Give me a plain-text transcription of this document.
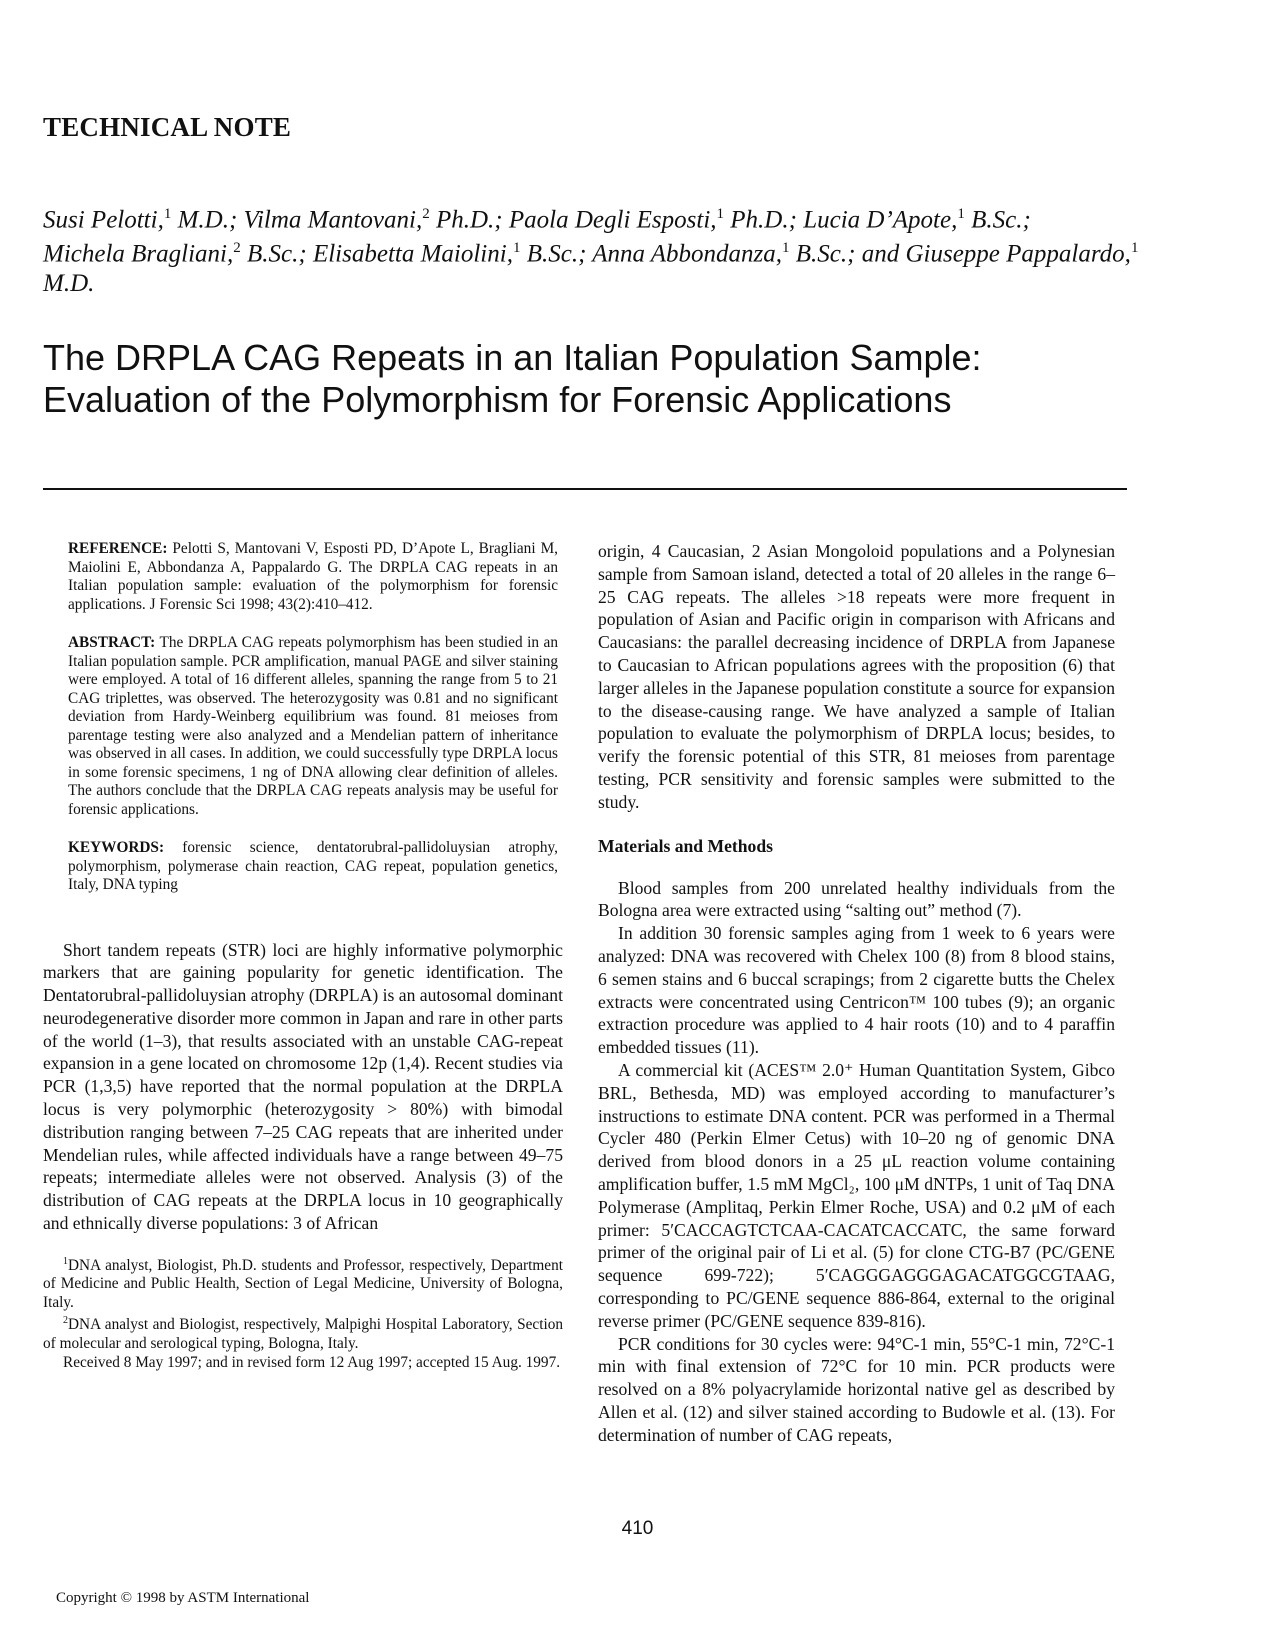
TECHNICAL NOTE
Susi Pelotti,$^1$ M.D.; Vilma Mantovani,$^2$ Ph.D.; Paola Degli Esposti,$^1$ Ph.D.; Lucia D’Apote,$^1$ B.Sc.;
Michela Bragliani,$^2$ B.Sc.; Elisabetta Maiolini,$^1$ B.Sc.; Anna Abbondanza,$^1$ B.Sc.; and Giuseppe Pappalardo,$^1$ M.D.
The DRPLA CAG Repeats in an Italian Population Sample:
Evaluation of the Polymorphism for Forensic Applications
REFERENCE: Pelotti S, Mantovani V, Esposti PD, D’Apote L, Bragliani M, Maiolini E, Abbondanza A, Pappalardo G. The DRPLA CAG repeats in an Italian population sample: evaluation of the polymorphism for forensic applications. J Forensic Sci 1998; 43(2):410–412.
ABSTRACT: The DRPLA CAG repeats polymorphism has been studied in an Italian population sample. PCR amplification, manual PAGE and silver staining were employed. A total of 16 different alleles, spanning the range from 5 to 21 CAG triplettes, was observed. The heterozygosity was 0.81 and no significant deviation from Hardy-Weinberg equilibrium was found. 81 meioses from parentage testing were also analyzed and a Mendelian pattern of inheritance was observed in all cases. In addition, we could successfully type DRPLA locus in some forensic specimens, 1 ng of DNA allowing clear definition of alleles. The authors conclude that the DRPLA CAG repeats analysis may be useful for forensic applications.
KEYWORDS: forensic science, dentatorubral-pallidoluysian atrophy, polymorphism, polymerase chain reaction, CAG repeat, population genetics, Italy, DNA typing

Short tandem repeats (STR) loci are highly informative polymorphic markers that are gaining popularity for genetic identification. The Dentatorubral-pallidoluysian atrophy (DRPLA) is an autosomal dominant neurodegenerative disorder more common in Japan and rare in other parts of the world (1–3), that results associated with an unstable CAG-repeat expansion in a gene located on chromosome 12p (1,4). Recent studies via PCR (1,3,5) have reported that the normal population at the DRPLA locus is very polymorphic (heterozygosity > 80%) with bimodal distribution ranging between 7–25 CAG repeats that are inherited under Mendelian rules, while affected individuals have a range between 49–75 repeats; intermediate alleles were not observed. Analysis (3) of the distribution of CAG repeats at the DRPLA locus in 10 geographically and ethnically diverse populations: 3 of African

$^1$DNA analyst, Biologist, Ph.D. students and Professor, respectively, Department of Medicine and Public Health, Section of Legal Medicine, University of Bologna, Italy.

$^2$DNA analyst and Biologist, respectively, Malpighi Hospital Laboratory, Section of molecular and serological typing, Bologna, Italy.

Received 8 May 1997; and in revised form 12 Aug 1997; accepted 15 Aug. 1997.

origin, 4 Caucasian, 2 Asian Mongoloid populations and a Polynesian sample from Samoan island, detected a total of 20 alleles in the range 6–25 CAG repeats. The alleles >18 repeats were more frequent in population of Asian and Pacific origin in comparison with Africans and Caucasians: the parallel decreasing incidence of DRPLA from Japanese to Caucasian to African populations agrees with the proposition (6) that larger alleles in the Japanese population constitute a source for expansion to the disease-causing range. We have analyzed a sample of Italian population to evaluate the polymorphism of DRPLA locus; besides, to verify the forensic potential of this STR, 81 meioses from parentage testing, PCR sensitivity and forensic samples were submitted to the study.

Materials and Methods

Blood samples from 200 unrelated healthy individuals from the Bologna area were extracted using “salting out” method (7).

In addition 30 forensic samples aging from 1 week to 6 years were analyzed: DNA was recovered with Chelex 100 (8) from 8 blood stains, 6 semen stains and 6 buccal scrapings; from 2 cigarette butts the Chelex extracts were concentrated using Centricon™ 100 tubes (9); an organic extraction procedure was applied to 4 hair roots (10) and to 4 paraffin embedded tissues (11).

A commercial kit (ACES™ 2.0⁺ Human Quantitation System, Gibco BRL, Bethesda, MD) was employed according to manufacturer’s instructions to estimate DNA content. PCR was performed in a Thermal Cycler 480 (Perkin Elmer Cetus) with 10–20 ng of genomic DNA derived from blood donors in a 25 μL reaction volume containing amplification buffer, 1.5 mM MgCl₂, 100 μM dNTPs, 1 unit of Taq DNA Polymerase (Amplitaq, Perkin Elmer Roche, USA) and 0.2 μM of each primer: 5′CACCAGTCTCAA-CACATCACCATC, the same forward primer of the original pair of Li et al. (5) for clone CTG-B7 (PC/GENE sequence 699-722); 5′CAGGGAGGGAGACATGGCGTAAG, corresponding to PC/GENE sequence 886-864, external to the original reverse primer (PC/GENE sequence 839-816).

PCR conditions for 30 cycles were: 94°C-1 min, 55°C-1 min, 72°C-1 min with final extension of 72°C for 10 min. PCR products were resolved on a 8% polyacrylamide horizontal native gel as described by Allen et al. (12) and silver stained according to Budowle et al. (13). For determination of number of CAG repeats,

410
Copyright © 1998 by ASTM International
